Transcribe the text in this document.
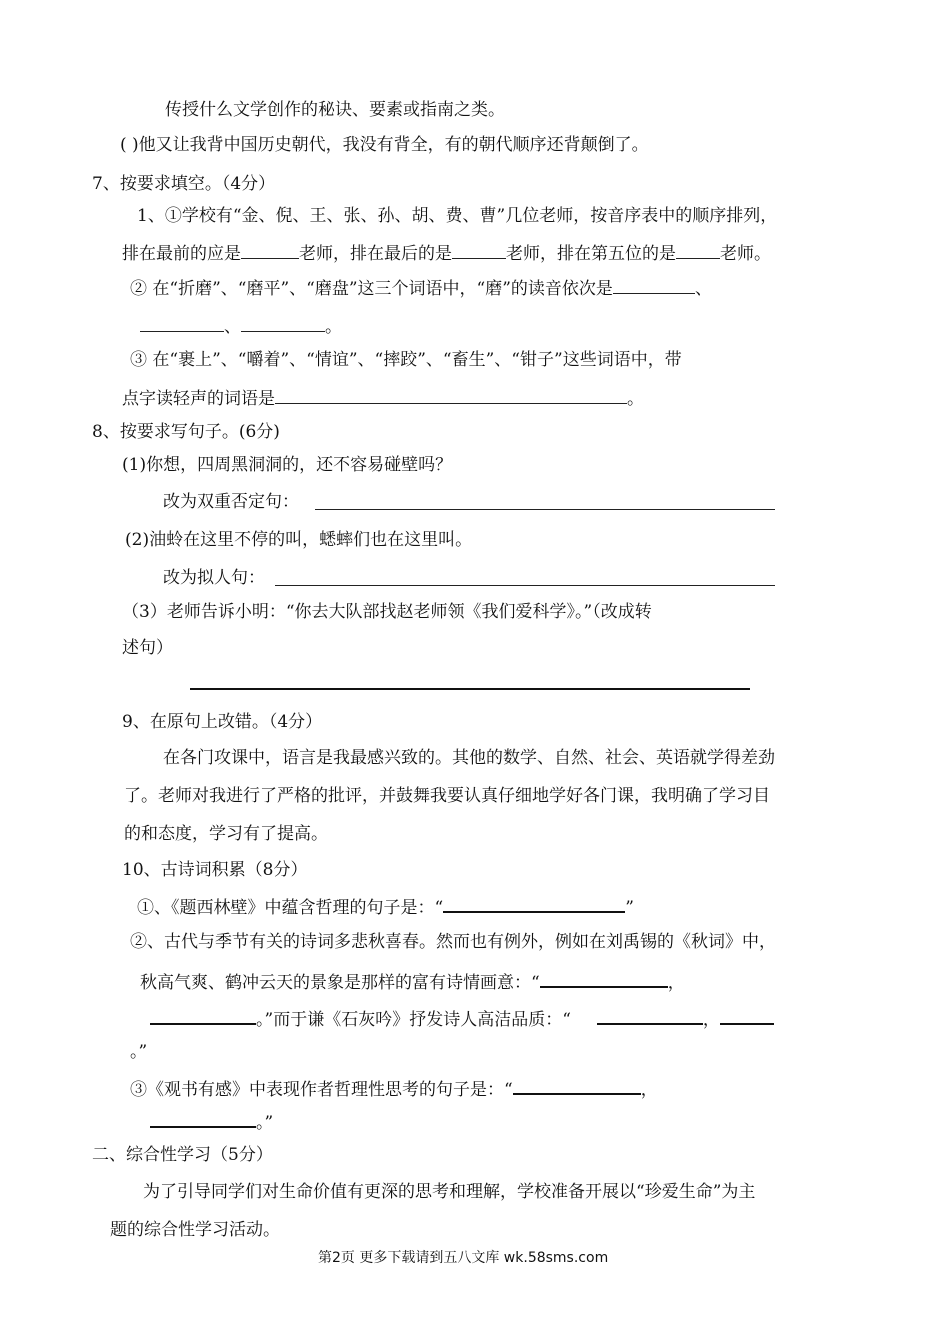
传授什么文学创作的秘诀、要素或指南之类。
( )他又让我背中国历史朝代，我没有背全，有的朝代顺序还背颠倒了。
7、按要求填空。（4分）
1、①学校有“金、倪、王、张、孙、胡、费、曹”几位老师，按音序表中的顺序排列，
排在最前的应是	老师，排在最后的是	老师，排在第五位的是	老师。
② 在“折磨”、“磨平”、“磨盘”这三个词语中，“磨”的读音依次是	、
、	。
③ 在“裹上”、“嚼着”、“情谊”、“摔跤”、“畜生”、“钳子”这些词语中，带
点字读轻声的词语是	。
8、按要求写句子。(6分)
(1)你想，四周黑洞洞的，还不容易碰壁吗？
改为双重否定句：
(2)油蛉在这里不停的叫，蟋蟀们也在这里叫。
改为拟人句：
（3）老师告诉小明：“你去大队部找赵老师领《我们爱科学》。”（改成转
述句）
9、在原句上改错。（4分）
在各门攻课中，语言是我最感兴致的。其他的数学、自然、社会、英语就学得差劲
了。老师对我进行了严格的批评，并鼓舞我要认真仔细地学好各门课，我明确了学习目
的和态度，学习有了提高。
10、古诗词积累（8分）
①、《题西林壁》中蕴含哲理的句子是：“	”
②、古代与季节有关的诗词多悲秋喜春。然而也有例外，例如在刘禹锡的《秋词》中，
秋高气爽、鹤冲云天的景象是那样的富有诗情画意：“	，
。”而于谦《石灰吟》抒发诗人高洁品质：“	，
。”
③《观书有感》中表现作者哲理性思考的句子是：“	，
。”
二、综合性学习（5分）
为了引导同学们对生命价值有更深的思考和理解，学校准备开展以“珍爱生命”为主
题的综合性学习活动。
第2页 更多下载请到五八文库 wk.58sms.com
